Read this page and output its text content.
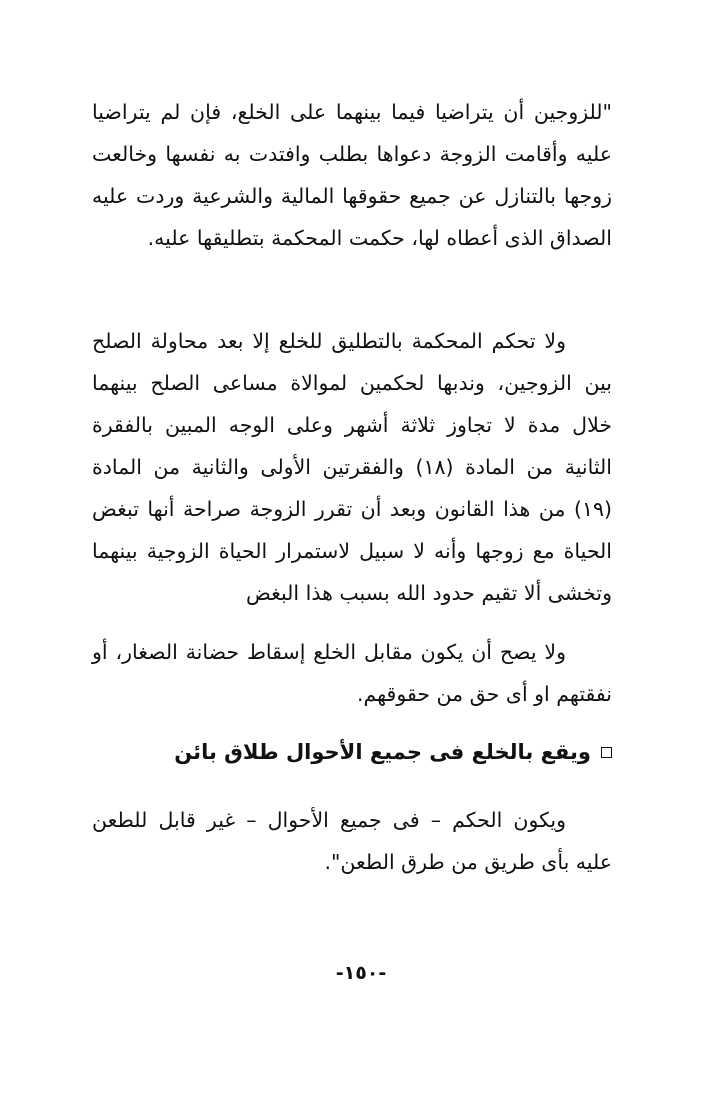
"للزوجين أن يتراضيا فيما بينهما على الخلع، فإن لم يتراضيا عليه وأقامت الزوجة دعواها بطلب وافتدت به نفسها وخالعت زوجها بالتنازل عن جميع حقوقها المالية والشرعية وردت عليه الصداق الذى أعطاه لها، حكمت المحكمة بتطليقها عليه.

ولا تحكم المحكمة بالتطليق للخلع إلا بعد محاولة الصلح بين الزوجين، وندبها لحكمين لموالاة مساعى الصلح بينهما خلال مدة لا تجاوز ثلاثة أشهر وعلى الوجه المبين بالفقرة الثانية من المادة (١٨) والفقرتين الأولى والثانية من المادة (١٩) من هذا القانون وبعد أن تقرر الزوجة صراحة أنها تبغض الحياة مع زوجها وأنه لا سبيل لاستمرار الحياة الزوجية بينهما وتخشى ألا تقيم حدود الله بسبب هذا البغض

ولا يصح أن يكون مقابل الخلع إسقاط حضانة الصغار، أو نفقتهم او أى حق من حقوقهم.

ويقع بالخلع فى جميع الأحوال طلاق بائن

ويكون الحكم – فى جميع الأحوال – غير قابل للطعن عليه بأى طريق من طرق الطعن".

-١٥٠-
